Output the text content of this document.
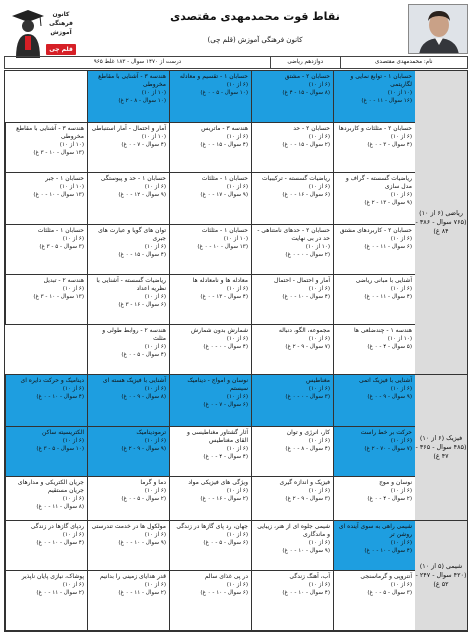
کانون
فرهنگی
آموزش
قلم چی
نقاط قوت محمدمهدی مقتصدی
کانون فرهنگی آموزش (قلم چی)
نام: محمدمهدی مقتصدی
دوازدهم ریاضی
۹۶۵ درست از ۱۴۷۰ سوال - ۱۸۳ غلط
حسابان ۱ - توابع نمایی و لگاریتمی
(۱۰ از ۱۰)
(۱۶ سوال - ۱۱ - ۰ غ)
حسابان ۲ - مشتق
(۶ از ۱۰)
(۸ سوال - ۱۵ - ۴ غ)
حسابان ۱ - تقسیم و معادله
(۶ از ۱۰)
(۱۰ سوال - ۵ - ۰ غ)
هندسه ۳ - آشنایی با مقاطع مخروطی
(۱۰ از ۱۰)
(۱۰ سوال - ۸ - ۲ غ)
حسابان ۲ - مثلثات و کاربردها
(۶ از ۱۰)
(۴ سوال - ۳ - ۰ غ)
حسابان ۲ - حد
(۶ از ۱۰)
(۲ سوال - ۱۵ - ۰ غ)
هندسه ۳ - ماتریس
(۶ از ۱۰)
(۴ سوال - ۱۵ - ۰ غ)
آمار و احتمال - آمار استنباطی
(۱۰ از ۱۰)
(۴ سوال - ۷ - ۰ غ)
هندسه ۳ - آشنایی با مقاطع مخروطی
(۱۰ از ۱۰)
(۱۳ سوال - ۱۰ - ۳ غ)
ریاضیات گسسته - گراف و مدل سازی
(۶ از ۱۰)
(۹ سوال - ۱۳ - ۲ غ)
ریاضیات گسسته - ترکیبیات
(۶ از ۱۰)
(۶ سوال - ۱۶ - ۰ غ)
حسابان ۱ - مثلثات
(۶ از ۱۰)
(۹ سوال - ۱۷ - ۰ غ)
حسابان ۱ - حد و پیوستگی
(۶ از ۱۰)
(۹ سوال - ۱۲ - ۰ غ)
حسابان ۱ - جبر
(۱۰ از ۱۰)
(۱۳ سوال - ۱۰ - ۰ غ)
حسابان ۲ - کاربردهای مشتق
(۶ از ۱۰)
(۶ سوال - ۱۱ - ۰ غ)
حسابان ۲ - حدهای نامتناهی - حد در بی نهایت
(۱۰ از ۱۰)
(۲ سوال - ۰ - ۰ غ)
حسابان ۱ - مثلثات
(۱۰ از ۱۰)
(۱۳ سوال - ۱۰ - ۰ غ)
توان های گویا و عبارت های جبری
(۶ از ۱۰)
(۴ سوال - ۱۵ - ۰ غ)
حسابان ۱ - مثلثات
(۶ از ۱۰)
(۳ سوال - ۵ - ۳ غ)
آشنایی با مبانی ریاضی
(۶ از ۱۰)
(۴ سوال - ۱۱ - ۰ غ)
آمار و احتمال - احتمال
(۶ از ۱۰)
(۴ سوال - ۱۰ - ۰ غ)
معادله ها و نامعادله ها
(۶ از ۱۰)
(۴ سوال - ۱۳ - ۰ غ)
ریاضیات گسسته - آشنایی با نظریه اعداد
(۶ از ۱۰)
(۶ سوال - ۱۶ - ۳ غ)
هندسه ۲ - تبدیل
(۶ از ۱۰)
(۱۳ سوال - ۱۰ - ۳ غ)
هندسه ۱ - چندضلعی ها
(۱۰ از ۱۰)
(۵ سوال - ۴ - ۰ غ)
مجموعه، الگو، دنباله
(۶ از ۱۰)
(۷ سوال - ۹ - ۲ غ)
شمارش بدون شمارش
(۶ از ۱۰)
(۴ سوال - ۰ - ۰ غ)
هندسه ۲ - روابط طولی و مثلث
(۶ از ۱۰)
(۴ سوال - ۵ - ۰ غ)
آشنایی با فیزیک اتمی
(۶ از ۱۰)
(۹ سوال - ۹ - ۰ غ)
مغناطیس
(۶ از ۱۰)
(۳ سوال - ۰ - ۰ غ)
نوسان و امواج - دینامیک سیستم
(۶ از ۱۰)
(۶ سوال - ۷ - ۰ غ)
آشنایی با فیزیک هسته ای
(۶ از ۱۰)
(۸ سوال - ۹ - ۰ غ)
دینامیک و حرکت دایره ای
(۶ از ۱۰)
(۴ سوال - ۱۰ - ۰ غ)
حرکت بر خط راست
(۶ از ۱۰)
(۷ سوال - ۷۰ - ۲ غ)
کار، انرژی و توان
(۶ از ۱۰)
(۴ سوال - ۸ - ۰ غ)
آثار گشتاور مغناطیسی و القای مغناطیس
(۶ از ۱۰)
(۴ سوال - ۴ - ۰ غ)
ترمودینامیک
(۶ از ۱۰)
(۹ سوال - ۹ - ۲ غ)
الکتریسیته ساکن
(۶ از ۱۰)
(۱۰ سوال - ۵ - ۳ غ)
نوسان و موج
(۶ از ۱۰)
(۲ سوال - ۴ - ۰ غ)
فیزیک و اندازه گیری
(۶ از ۱۰)
(۳ سوال - ۹ - ۲ غ)
ویژگی های فیزیکی مواد
(۶ از ۱۰)
(۲ سوال - ۱۶ - ۰ غ)
دما و گرما
(۶ از ۱۰)
(۲ سوال - ۵ - ۰ غ)
جریان الکتریکی و مدارهای جریان مستقیم
(۶ از ۱۰)
(۸ سوال - ۱۱ - ۰ غ)
شیمی راهی به سوی آینده ای روشن تر
(۶ از ۱۰)
(۴ سوال - ۱۰ - ۰ غ)
شیمی جلوه ای از هنر، زیبایی و ماندگاری
(۶ از ۱۰)
(۹ سوال - ۱۰ - ۰ غ)
جهان، رد پای گازها در زندگی
(۶ از ۱۰)
(۶ سوال - ۵ - ۰ غ)
مولکول ها در خدمت تندرستی
(۶ از ۱۰)
(۹ سوال - ۱۰ - ۰ غ)
ردپای گازها در زندگی
(۶ از ۱۰)
(۴ سوال - ۱۰ - ۰ غ)
آنتروپی و گرماسنجی
(۶ از ۱۰)
(۳ سوال - ۵ - ۰ غ)
آب، آهنگ زندگی
(۶ از ۱۰)
(۴ سوال - ۱۰ - ۰ غ)
در پی غذای سالم
(۶ از ۱۰)
(۶ سوال - ۱۰ - ۰ غ)
قدر هدایای زمینی را بدانیم
(۶ از ۱۰)
(۲ سوال - ۱۱ - ۰ غ)
پوشاک، نیازی پایان ناپذیر
(۶ از ۱۰)
(۲ سوال - ۱۱ - ۰ غ)
ریاضی (۶ از ۱۰)
(۷۶۵ سوال - ۳۸۶ - ۸۴ غ)
فیزیک (۶ از ۱۰)
(۴۸۵ سوال - ۳۶۵ - ۴۷ غ)
شیمی (۵ از ۱۰)
(۴۲۰ سوال - ۲۴۷ - ۵۲ غ)
